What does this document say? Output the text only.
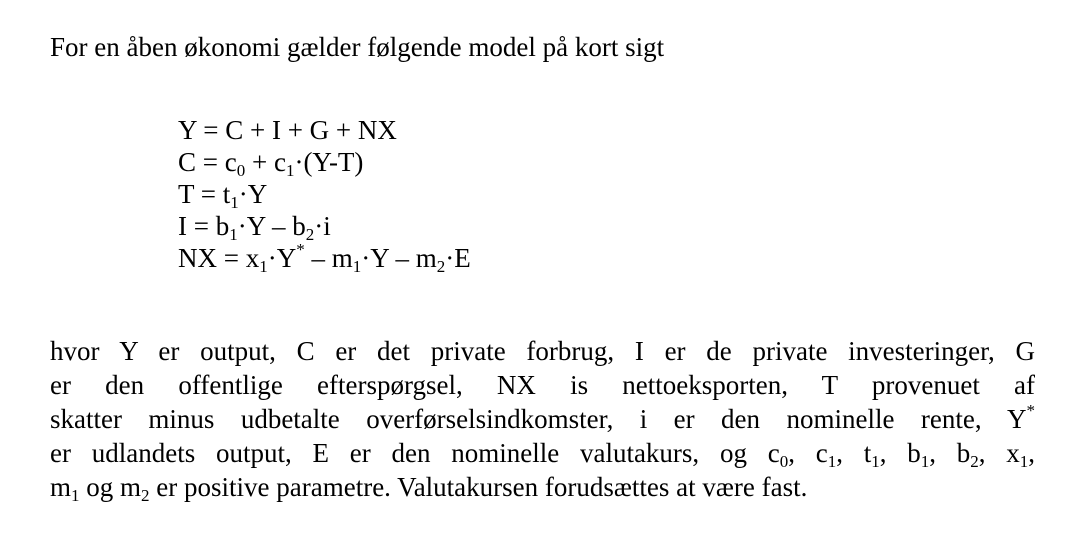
For en åben økonomi gælder følgende model på kort sigt
Y = C + I + G + NX
$C = c_0 + c_1\cdot(Y-T)$
$T = t_1\cdot Y$
$I = b_1\cdot Y - b_2\cdot i$
NX = $x_1\cdot Y^* - m_1\cdot Y - m_2\cdot E$
hvor Y er output, C er det private forbrug, I er de private investeringer, G
er den offentlige efterspørgsel, NX is nettoeksporten, T provenuet af
skatter minus udbetalte overførselsindkomster, i er den nominelle rente, Y*
er udlandets output, E er den nominelle valutakurs, og $c_0$, $c_1$, $t_1$, $b_1$, $b_2$, $x_1$,
$m_1$ og $m_2$ er positive parametre. Valutakursen forudsættes at være fast.
